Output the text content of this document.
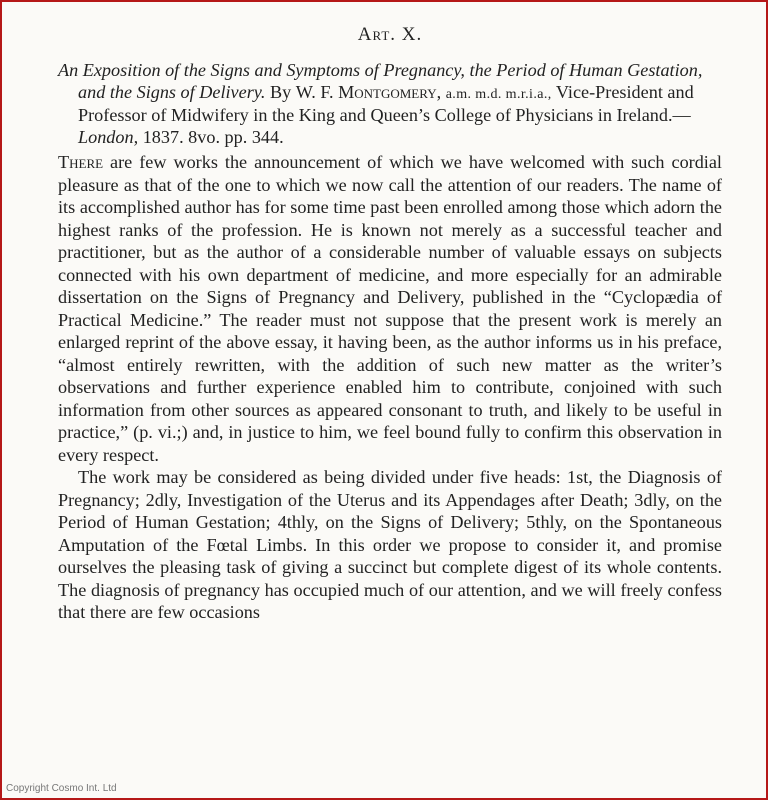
Art. X.
An Exposition of the Signs and Symptoms of Pregnancy, the Period of Human Gestation, and the Signs of Delivery. By W. F. Montgomery, a.m. m.d. m.r.i.a., Vice-President and Professor of Midwifery in the King and Queen’s College of Physicians in Ireland.—London, 1837. 8vo. pp. 344.

There are few works the announcement of which we have welcomed with such cordial pleasure as that of the one to which we now call the attention of our readers. The name of its accomplished author has for some time past been enrolled among those which adorn the highest ranks of the profession. He is known not merely as a successful teacher and practitioner, but as the author of a considerable number of valuable essays on subjects connected with his own department of medicine, and more especially for an admirable dissertation on the Signs of Pregnancy and Delivery, published in the “Cyclopædia of Practical Medicine.” The reader must not suppose that the present work is merely an enlarged reprint of the above essay, it having been, as the author informs us in his preface, “almost entirely rewritten, with the addition of such new matter as the writer’s observations and further experience enabled him to contribute, conjoined with such information from other sources as appeared consonant to truth, and likely to be useful in practice,” (p. vi.;) and, in justice to him, we feel bound fully to confirm this observation in every respect.

The work may be considered as being divided under five heads: 1st, the Diagnosis of Pregnancy; 2dly, Investigation of the Uterus and its Appendages after Death; 3dly, on the Period of Human Gestation; 4thly, on the Signs of Delivery; 5thly, on the Spontaneous Amputation of the Fœtal Limbs. In this order we propose to consider it, and promise ourselves the pleasing task of giving a succinct but complete digest of its whole contents. The diagnosis of pregnancy has occupied much of our attention, and we will freely confess that there are few occasions

Copyright Cosmo Int. Ltd
